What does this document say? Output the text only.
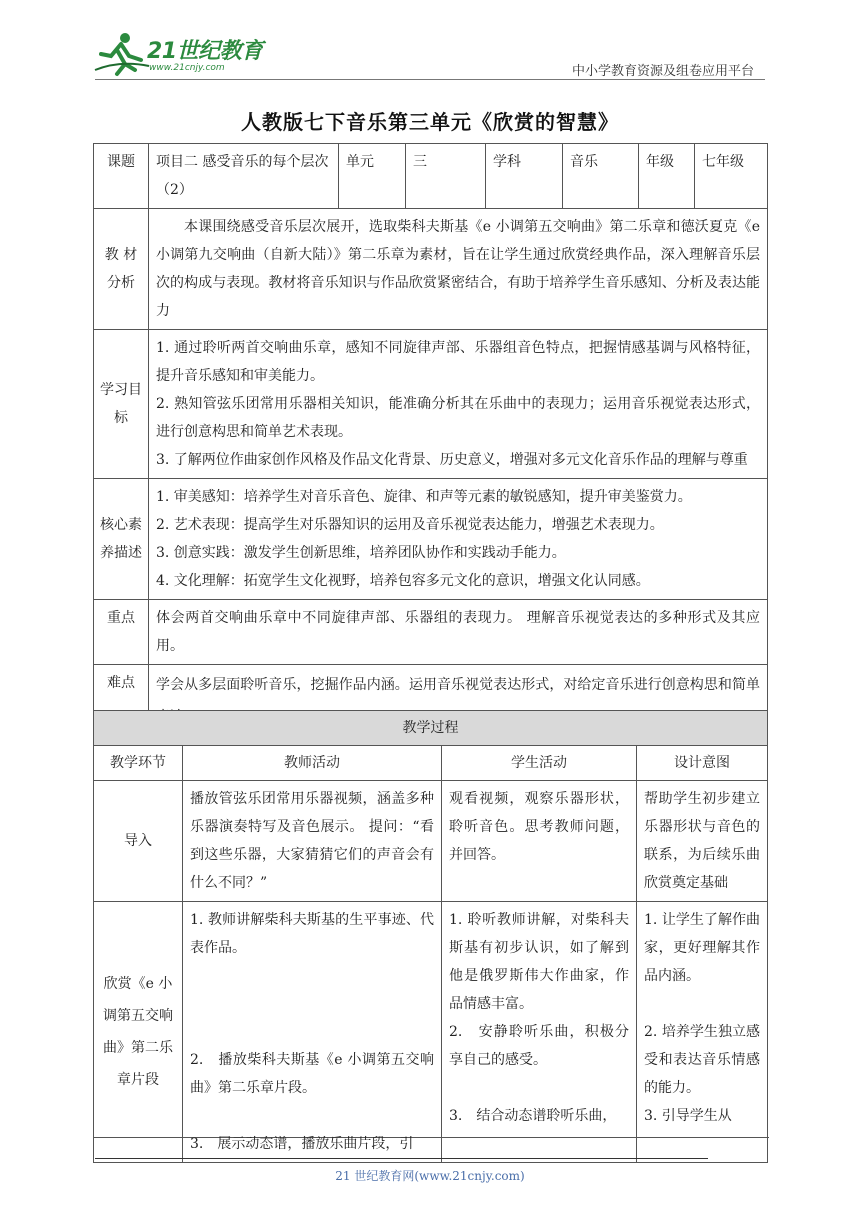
21世纪教育
www.21cnjy.com	中小学教育资源及组卷应用平台
人教版七下音乐第三单元《欣赏的智慧》
课题	项目二 感受音乐的每个层次（2）	单元	三	学科	音乐	年级	七年级
教 材分析	本课围绕感受音乐层次展开，选取柴科夫斯基《e 小调第五交响曲》第二乐章和德沃夏克《e 小调第九交响曲（自新大陆）》第二乐章为素材，旨在让学生通过欣赏经典作品，深入理解音乐层次的构成与表现。教材将音乐知识与作品欣赏紧密结合，有助于培养学生音乐感知、分析及表达能力						
学习目标	1. 通过聆听两首交响曲乐章，感知不同旋律声部、乐器组音色特点，把握情感基调与风格特征，提升音乐感知和审美能力。
2. 熟知管弦乐团常用乐器相关知识，能准确分析其在乐曲中的表现力；运用音乐视觉表达形式，进行创意构思和简单艺术表现。
3. 了解两位作曲家创作风格及作品文化背景、历史意义，增强对多元文化音乐作品的理解与尊重						

核心素养描述	1. 审美感知：培养学生对音乐音色、旋律、和声等元素的敏锐感知，提升审美鉴赏力。
2. 艺术表现：提高学生对乐器知识的运用及音乐视觉表达能力，增强艺术表现力。
3. 创意实践：激发学生创新思维，培养团队协作和实践动手能力。
4. 文化理解：拓宽学生文化视野，培养包容多元文化的意识，增强文化认同感。						

重点	体会两首交响曲乐章中不同旋律声部、乐器组的表现力。 理解音乐视觉表达的多种形式及其应用。						
难点	学会从多层面聆听音乐，挖掘作品内涵。运用音乐视觉表达形式，对给定音乐进行创意构思和简单						
教学过程			
教学环节	教师活动	学生活动	设计意图
导入	播放管弦乐团常用乐器视频，涵盖多种乐器演奏特写及音色展示。 提问：“看到这些乐器，大家猜猜它们的声音会有什么不同？”	观看视频，观察乐器形状，聆听音色。思考教师问题，并回答。	帮助学生初步建立乐器形状与音色的联系，为后续乐曲欣赏奠定基础
欣赏《e 小调第五交响曲》第二乐章片段	1. 教师讲解柴科夫斯基的生平事迹、代表作品。
2.　播放柴科夫斯基《e 小调第五交响曲》第二乐章片段。
3.　展示动态谱，播放乐曲片段，引	1. 聆听教师讲解，对柴科夫斯基有初步认识，如了解到他是俄罗斯伟大作曲家，作品情感丰富。
2.　安静聆听乐曲，积极分享自己的感受。
3.　结合动态谱聆听乐曲，	1. 让学生了解作曲家，更好理解其作品内涵。
2. 培养学生独立感受和表达音乐情感的能力。
3. 引导学生从
21 世纪教育网(www.21cnjy.com)
